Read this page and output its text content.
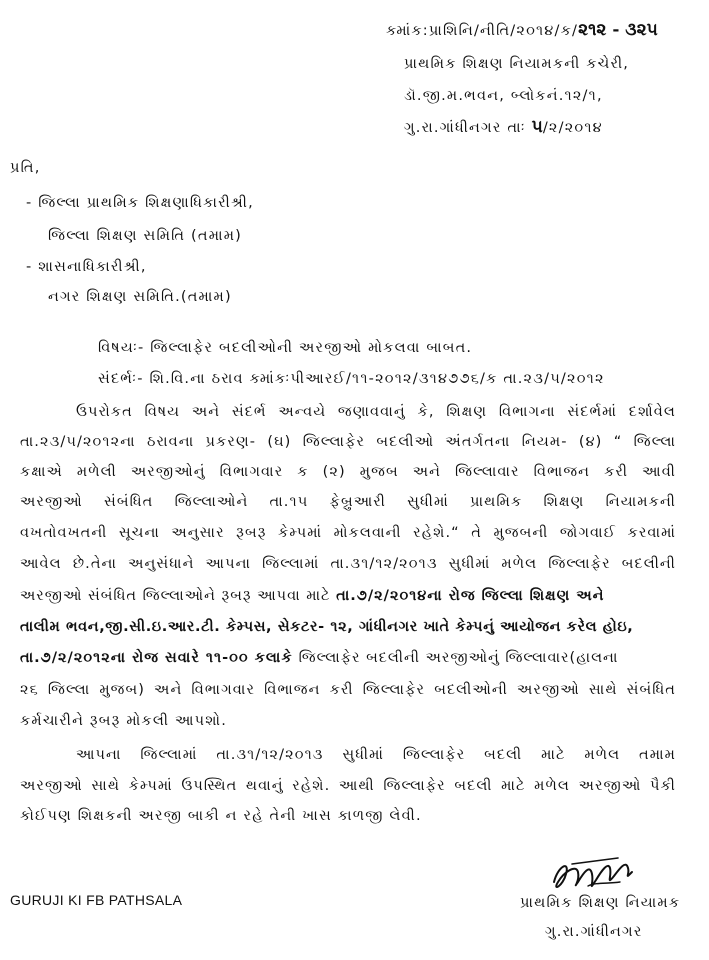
ક્માંક:પ્રાશિનિ/નીતિ/૨૦૧૪/ક/૨૧૨ - ૩૨૫
પ્રાથમિક શિક્ષણ નિયામકની કચેરી,
ડૉ.જી.મ.ભવન, બ્લોકનં.૧૨/૧,
ગુ.રા.ગાંધીનગર તાઃ ૫/૨/૨૦૧૪
પ્રતિ,
- જિલ્લા પ્રાથમિક શિક્ષણાધિકારીશ્રી,
જિલ્લા શિક્ષણ સમિતિ (તમામ)
- શાસનાધિકારીશ્રી,
નગર શિક્ષણ સમિતિ.(તમામ)
વિષયઃ- જિલ્લાફેર બદલીઓની અરજીઓ મોકલવા બાબત.
સંદર્ભઃ- શિ.વિ.ના ઠરાવ ક્માંકઃપીઆરઈ/૧૧-૨૦૧૨/૩૧૪૭૭૬/ક તા.૨૩/૫/૨૦૧૨
ઉપરોકત વિષય અને સંદર્ભ અન્વયે જણાવવાનું કે, શિક્ષણ વિભાગના સંદર્ભમાં દર્શાવેલ
તા.૨૩/૫/૨૦૧૨ના ઠરાવના પ્રકરણ- (ઘ) જિલ્લાફેર બદલીઓ અંતર્ગતના નિયમ- (૪) “ જિલ્લા
કક્ષાએ મળેલી અરજીઓનું વિભાગવાર ક (૨) મુજબ અને જિલ્લાવાર વિભાજન કરી આવી
અરજીઓ સંબંધિત જિલ્લાઓને તા.૧૫ ફેબ્રુઆરી સુધીમાં પ્રાથમિક શિક્ષણ નિયામકની
વખતોવખતની સૂચના અનુસાર રૂબરૂ કેમ્પમાં મોકલવાની રહેશે.“ તે મુજબની જોગવાઈ કરવામાં
આવેલ છે.તેના અનુસંધાને આપના જિલ્લામાં તા.૩૧/૧૨/૨૦૧૩ સુધીમાં મળેલ જિલ્લાફેર બદલીની
અરજીઓ સંબંધિત જિલ્લાઓને રૂબરૂ આપવા માટે તા.૭/૨/૨૦૧૪ના રોજ જિલ્લા શિક્ષણ અને
તાલીમ ભવન,જી.સી.ઇ.આર.ટી. કેમ્પસ, સેકટર- ૧૨, ગાંધીનગર ખાતે કેમ્પનું આયોજન કરેલ હોઇ,
તા.૭/૨/૨૦૧૨ના રોજ સવારે ૧૧-૦૦ કલાકે જિલ્લાફેર બદલીની અરજીઓનું જિલ્લાવાર(હાલના
૨૬ જિલ્લા મુજબ) અને વિભાગવાર વિભાજન કરી જિલ્લાફેર બદલીઓની અરજીઓ સાથે સંબંધિત
કર્મચારીને રૂબરૂ મોકલી આપશો.
આપના જિલ્લામાં તા.૩૧/૧૨/૨૦૧૩ સુધીમાં જિલ્લાફેર બદલી માટે મળેલ તમામ
અરજીઓ સાથે કેમ્પમાં ઉપસ્થિત થવાનું રહેશે. આથી જિલ્લાફેર બદલી માટે મળેલ અરજીઓ પૈકી
કોઈપણ શિક્ષકની અરજી બાકી ન રહે તેની ખાસ કાળજી લેવી.
GURUJI KI FB PATHSALA	પ્રાથમિક શિક્ષણ નિયામક
ગુ.રા.ગાંધીનગર
